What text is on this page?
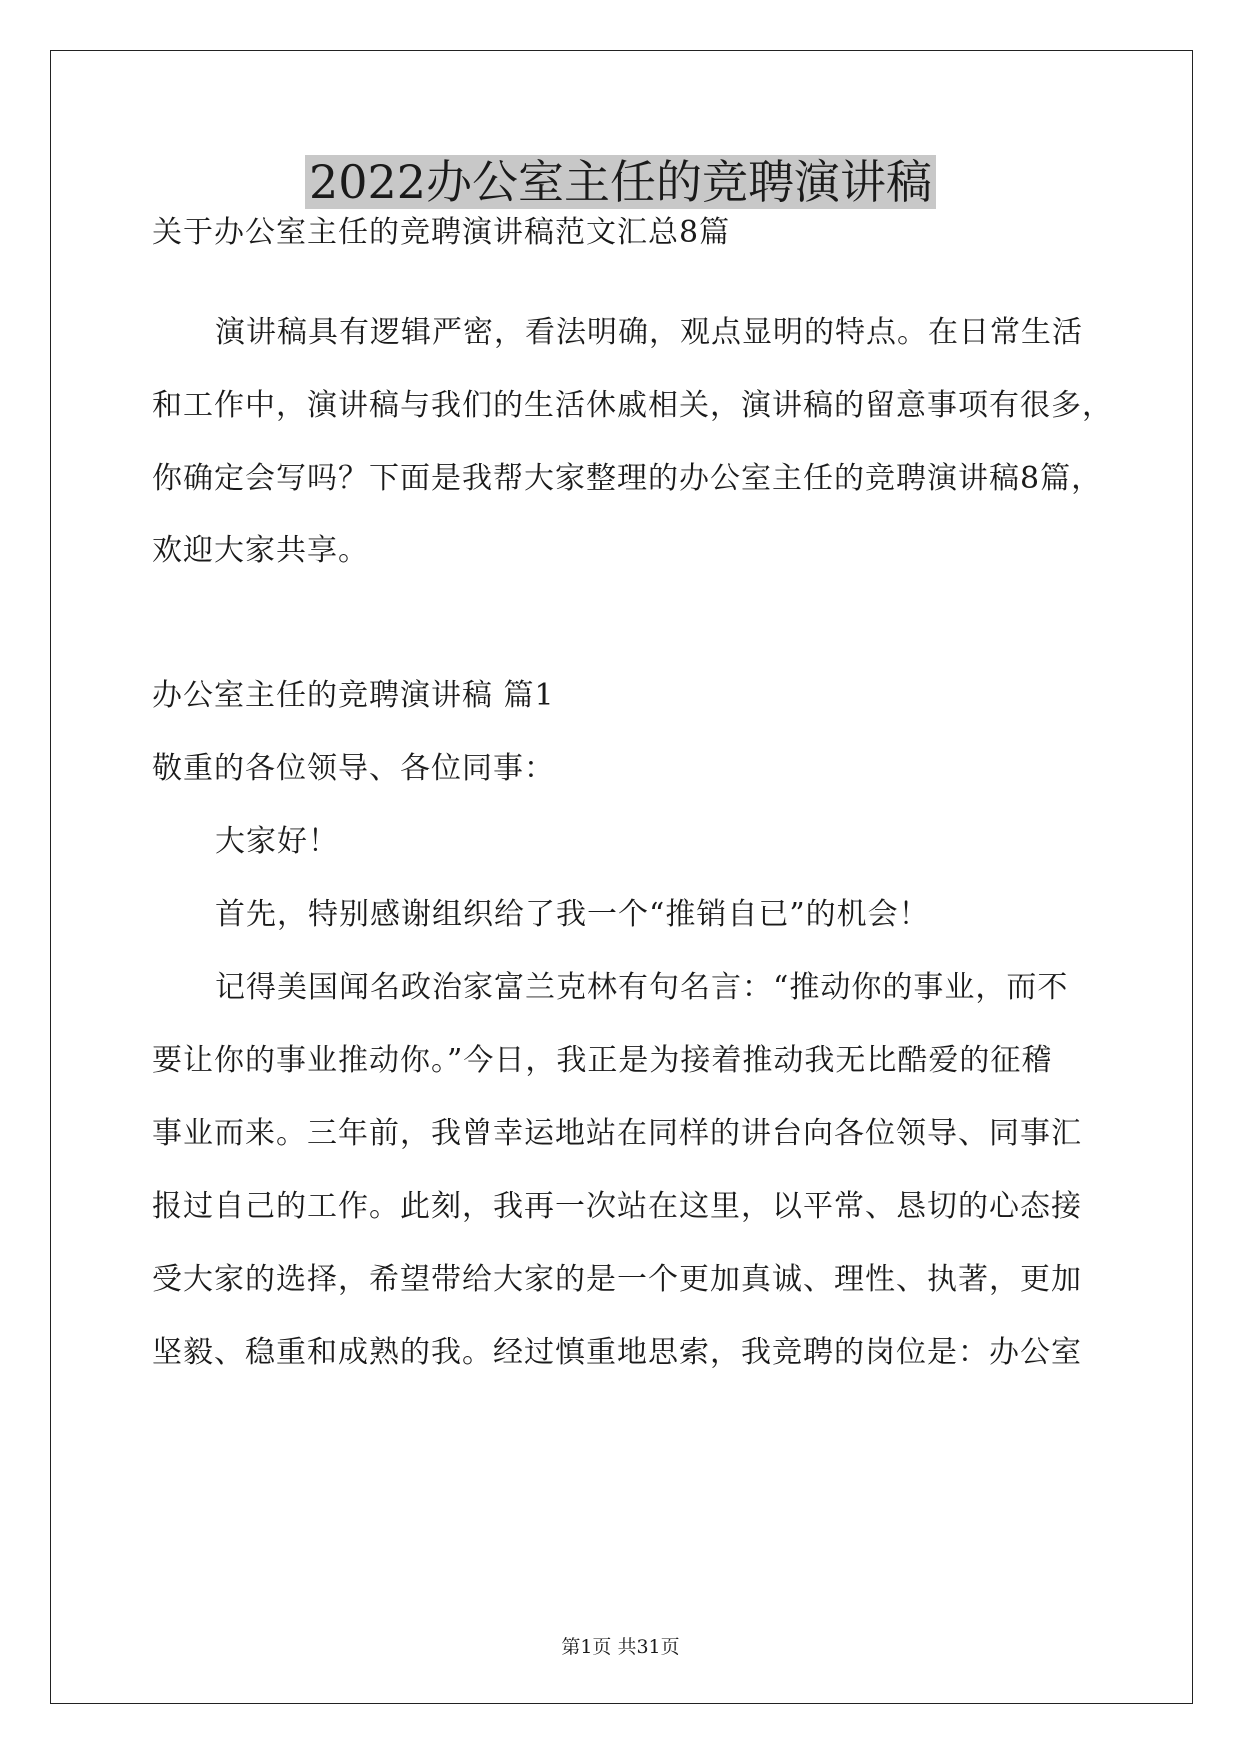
2022办公室主任的竞聘演讲稿
关于办公室主任的竞聘演讲稿范文汇总8篇
演讲稿具有逻辑严密，看法明确，观点显明的特点。在日常生活
和工作中，演讲稿与我们的生活休戚相关，演讲稿的留意事项有很多，
你确定会写吗？下面是我帮大家整理的办公室主任的竞聘演讲稿8篇，
欢迎大家共享。
办公室主任的竞聘演讲稿 篇1
敬重的各位领导、各位同事：
大家好！
首先，特别感谢组织给了我一个“推销自已”的机会！
记得美国闻名政治家富兰克林有句名言：“推动你的事业，而不
要让你的事业推动你。”今日，我正是为接着推动我无比酷爱的征稽
事业而来。三年前，我曾幸运地站在同样的讲台向各位领导、同事汇
报过自己的工作。此刻，我再一次站在这里，以平常、恳切的心态接
受大家的选择，希望带给大家的是一个更加真诚、理性、执著，更加
坚毅、稳重和成熟的我。经过慎重地思索，我竞聘的岗位是：办公室
第1页 共31页
